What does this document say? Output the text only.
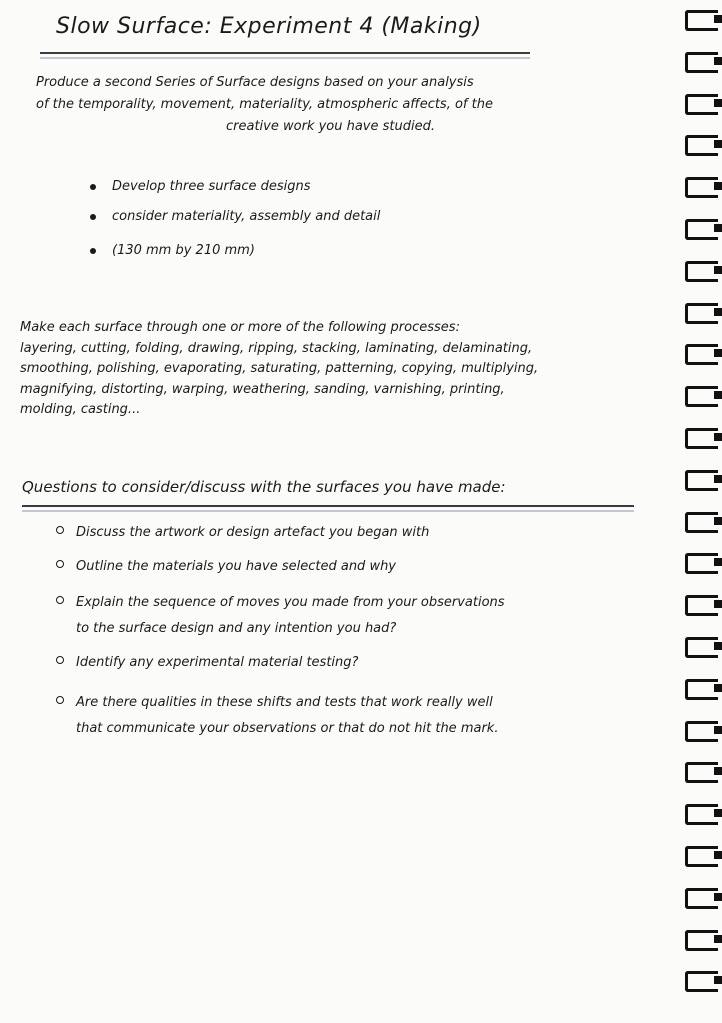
Slow Surface: Experiment 4 (Making)
Produce a second Series of Surface designs based on your analysis
of the temporality, movement, materiality, atmospheric affects, of the
creative work you have studied.
Develop three surface designs
consider materiality, assembly and detail
(130 mm by 210 mm)
Make each surface through one or more of the following processes:
layering, cutting, folding, drawing, ripping, stacking, laminating, delaminating,
smoothing, polishing, evaporating, saturating, patterning, copying, multiplying,
magnifying, distorting, warping, weathering, sanding, varnishing, printing,
molding, casting...
Questions to consider/discuss with the surfaces you have made:
Discuss the artwork or design artefact you began with
Outline the materials you have selected and why
Explain the sequence of moves you made from your observations
to the surface design and any intention you had?
Identify any experimental material testing?
Are there qualities in these shifts and tests that work really well
that communicate your observations or that do not hit the mark.
